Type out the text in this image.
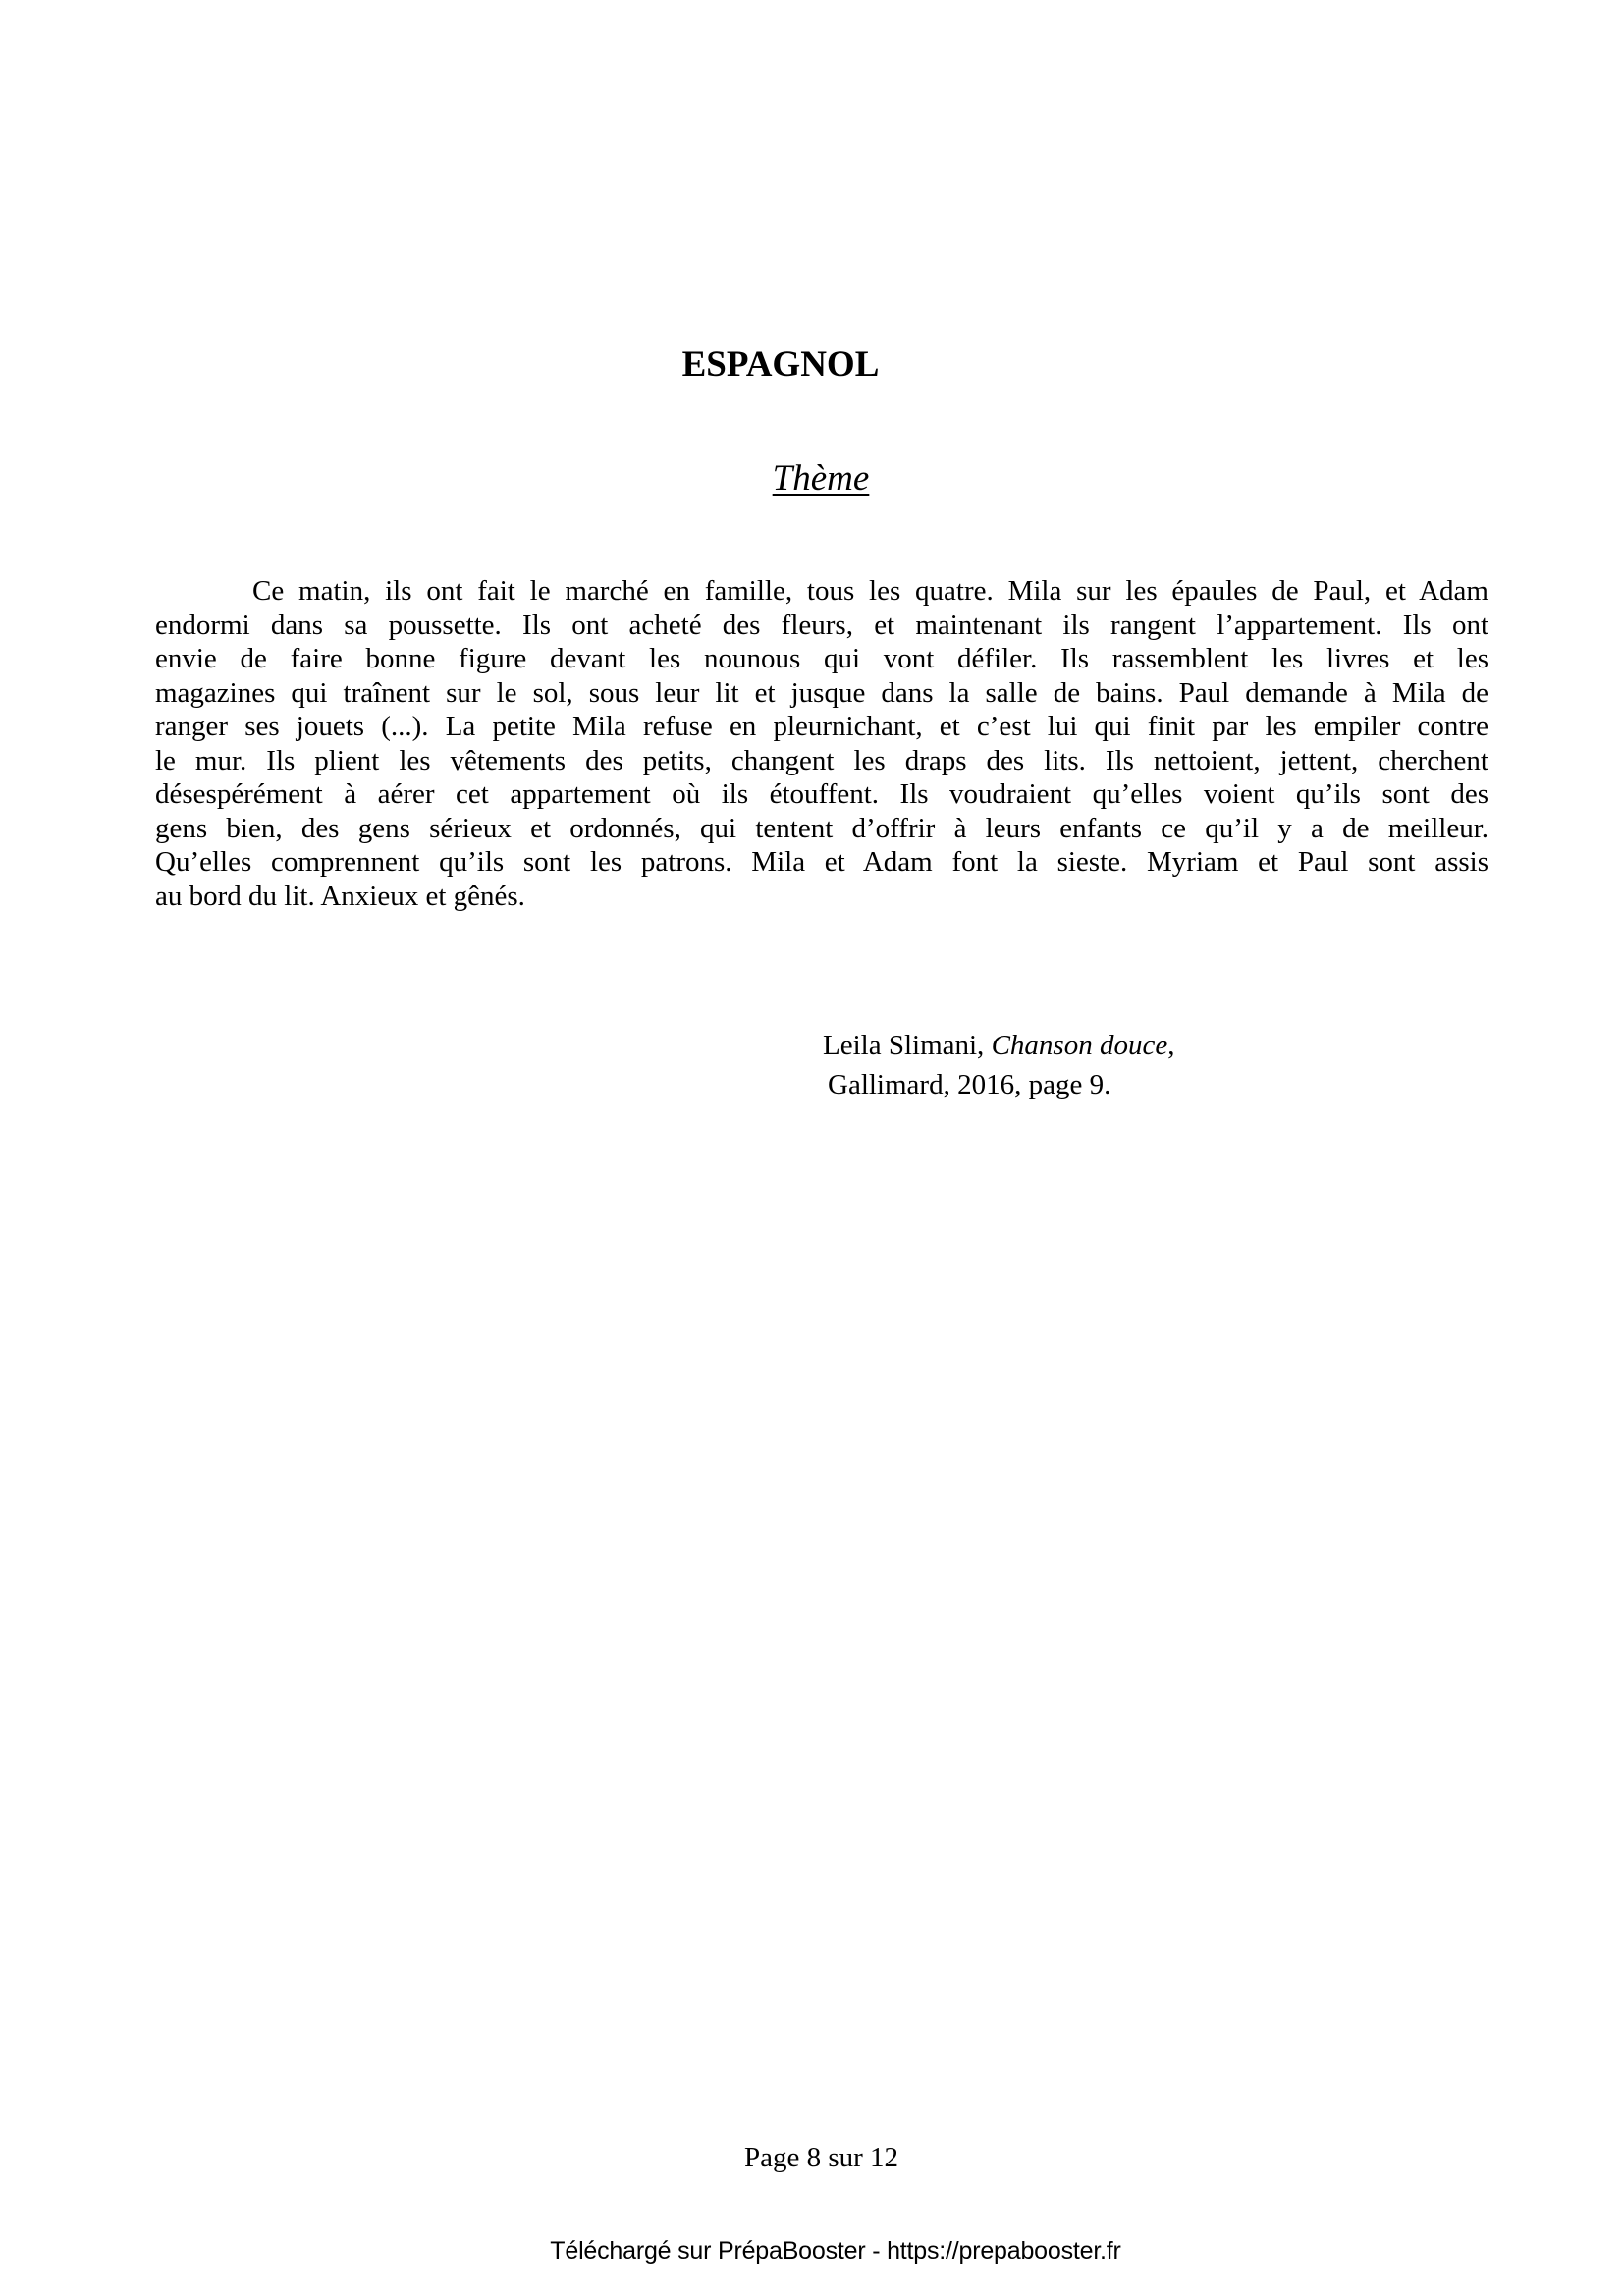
ESPAGNOL
Thème
Ce matin, ils ont fait le marché en famille, tous les quatre. Mila sur les épaules de Paul, et Adam
endormi dans sa poussette. Ils ont acheté des fleurs, et maintenant ils rangent l’appartement. Ils ont
envie de faire bonne figure devant les nounous qui vont défiler. Ils rassemblent les livres et les
magazines qui traînent sur le sol, sous leur lit et jusque dans la salle de bains. Paul demande à Mila de
ranger ses jouets (...). La petite Mila refuse en pleurnichant, et c’est lui qui finit par les empiler contre
le mur. Ils plient les vêtements des petits, changent les draps des lits. Ils nettoient, jettent, cherchent
désespérément à aérer cet appartement où ils étouffent. Ils voudraient qu’elles voient qu’ils sont des
gens bien, des gens sérieux et ordonnés, qui tentent d’offrir à leurs enfants ce qu’il y a de meilleur.
Qu’elles comprennent qu’ils sont les patrons. Mila et Adam font la sieste. Myriam et Paul sont assis
au bord du lit. Anxieux et gênés.
Leila Slimani, Chanson douce,
Gallimard, 2016, page 9.
Page 8 sur 12
Téléchargé sur PrépaBooster - https://prepabooster.fr
